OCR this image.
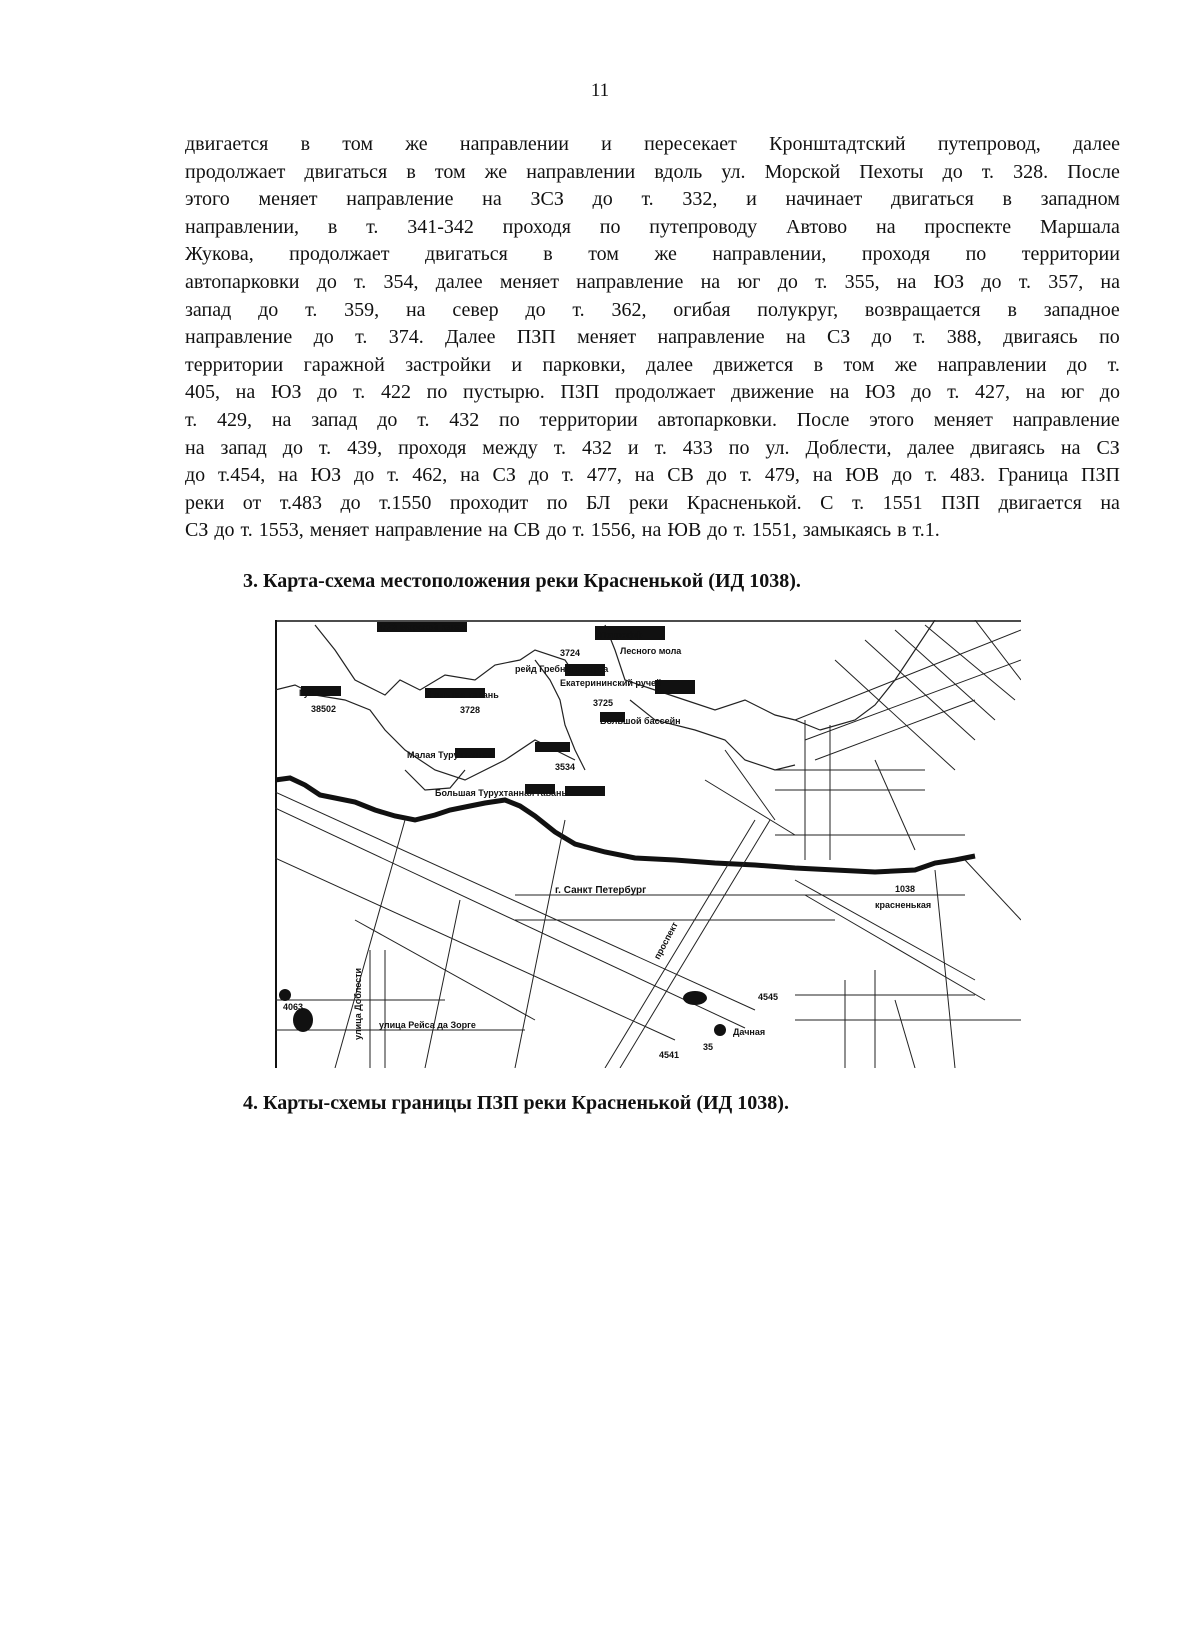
11
двигается в том же направлении и пересекает Кронштадтский путепровод, далее
продолжает двигаться в том же направлении вдоль ул. Морской Пехоты до т. 328. После
этого меняет направление на ЗСЗ до т. 332, и начинает двигаться в западном
направлении, в т. 341-342 проходя по путепроводу Автово на проспекте Маршала
Жукова, продолжает двигаться в том же направлении, проходя по территории
автопарковки до т. 354, далее меняет направление на юг до т. 355, на ЮЗ до т. 357, на
запад до т. 359, на север до т. 362, огибая полукруг, возвращается в западное
направление до т. 374. Далее ПЗП меняет направление на СЗ до т. 388, двигаясь по
территории гаражной застройки и парковки, далее движется в том же направлении до т.
405, на ЮЗ до т. 422 по пустырю. ПЗП продолжает движение на ЮЗ до т. 427, на юг до
т. 429, на запад до т. 432 по территории автопарковки. После этого меняет направление
на запад до т. 439, проходя между т. 432 и т. 433 по ул. Доблести, далее двигаясь на СЗ
до т.454, на ЮЗ до т. 462, на СЗ до т. 477, на СВ до т. 479, на ЮВ до т. 483. Граница ПЗП
реки от т.483 до т.1550 проходит по БЛ реки Красненькой. С т. 1551 ПЗП двигается на
СЗ до т. 1553, меняет направление на СВ до т. 1556, на ЮВ до т. 1551, замыкаясь в т.1.
3. Карта-схема местоположения реки Красненькой (ИД 1038).
3723 Морской канал
3724
рейд Гребного порта
Петрофф
Лесного мола
Губа
38502
Угольная гавань
3728
Екатерининский ручей
3725
Большой бассейн
Малая Турухтанная
3534
Большая Турухтанная гавань
г. Санкт Петербург	1038
красненькая
4545
Дачная
4541
35
4063	улица Доблести
проспект
улица Рейса да Зорге
4. Карты-схемы границы ПЗП реки Красненькой (ИД 1038).
